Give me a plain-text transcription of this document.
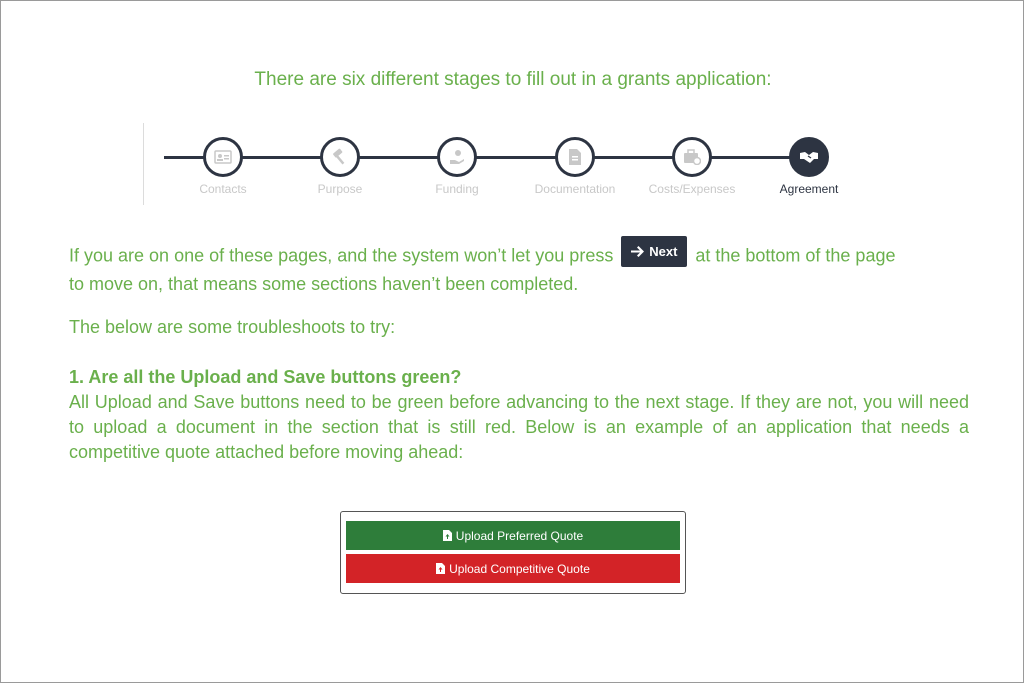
There are six different stages to fill out in a grants application:
Contacts	Purpose	Funding	Documentation	Costs/Expenses	Agreement
If you are on one of these pages, and the system won’t let you press	Next at the bottom of the page
to move on, that means some sections haven’t been completed.
The below are some troubleshoots to try:
1. Are all the Upload and Save buttons green?
All Upload and Save buttons need to be green before advancing to the next stage. If they are not, you will need to upload a document in the section that is still red. Below is an example of an application that needs a competitive quote attached before moving ahead:
Upload Preferred Quote
Upload Competitive Quote
